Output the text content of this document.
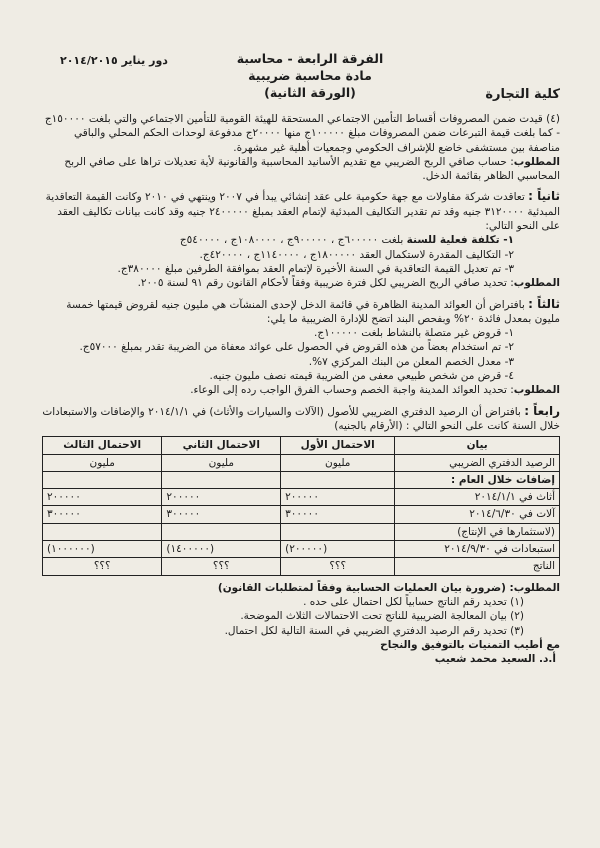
الفرقة الرابعة - محاسبة
مادة محاسبة ضريبية
(الورقة الثانية)	كلية التجارة
دور يناير ٢٠١٤/٢٠١٥

(٤) قيدت ضمن المصروفات أقساط التأمين الاجتماعي المستحقة للهيئة القومية للتأمين الاجتماعي والتي بلغت ١٥٠٠٠٠ج - كما بلغت قيمة التبرعات ضمن المصروفات مبلغ ١٠٠٠٠٠ج منها ٢٠٠٠٠ج مدفوعة لوحدات الحكم المحلي والباقي مناصفة بين مستشفى خاضع للإشراف الحكومي وجمعيات أهلية غير مشهرة.

المطلوب: حساب صافي الربح الضريبي مع تقديم الأسانيد المحاسبية والقانونية لأية تعديلات تراها على صافي الربح المحاسبي الظاهر بقائمة الدخل.

ثانياً : تعاقدت شركة مقاولات مع جهة حكومية على عقد إنشائي يبدأ في ٢٠٠٧ وينتهي في ٢٠١٠ وكانت القيمة التعاقدية المبدئية ٣١٢٠٠٠٠ جنيه وقد تم تقدير التكاليف المبدئية لإتمام العقد بمبلغ ٢٤٠٠٠٠٠ جنيه وقد كانت بيانات تكاليف العقد على النحو التالي:

١- تكلفة فعلية للسنة بلغت ٦٠٠٠٠٠ج ، ٩٠٠٠٠٠ج ، ١٠٨٠٠٠٠ج ، ٥٤٠٠٠٠ج

٢- التكاليف المقدرة لاستكمال العقد ١٨٠٠٠٠٠ج ، ١١٤٠٠٠٠ج ، ٤٢٠٠٠٠ج.

٣- تم تعديل القيمة التعاقدية في السنة الأخيرة لإتمام العقد بموافقة الطرفين مبلغ ٣٨٠٠٠٠ج.

المطلوب: تحديد صافي الربح الضريبي لكل فترة ضريبية وفقاً لأحكام القانون رقم ٩١ لسنة ٢٠٠٥.

ثالثاً : بافتراض أن العوائد المدينة الظاهرة في قائمة الدخل لإحدى المنشآت هي مليون جنيه لقروض قيمتها خمسة مليون بمعدل فائدة ٢٠% وبفحص البند اتضح للإدارة الضريبية ما يلي:

١- قروض غير متصلة بالنشاط بلغت ١٠٠٠٠٠ج.

٢- تم استخدام بعضاً من هذه القروض في الحصول على عوائد معفاة من الضريبة تقدر بمبلغ ٥٧٠٠٠ج.

٣- معدل الخصم المعلن من البنك المركزي ٧%.

٤- قرض من شخص طبيعي معفى من الضريبة قيمته نصف مليون جنيه.

المطلوب: تحديد العوائد المدينة واجبة الخصم وحساب الفرق الواجب رده إلى الوعاء.

رابعاً : بافتراض أن الرصيد الدفتري الضريبي للأصول (الآلات والسيارات والأثاث) في ٢٠١٤/١/١ والإضافات والاستبعادات خلال السنة كانت على النحو التالي : (الأرقام بالجنيه)

بيان	الاحتمال الأول	الاحتمال الثاني	الاحتمال الثالث
الرصيد الدفتري الضريبي	مليون	مليون	مليون
إضافات خلال العام :			
أثاث في ٢٠١٤/١/١	٢٠٠٠٠٠	٢٠٠٠٠٠	٢٠٠٠٠٠
آلات في ٢٠١٤/٦/٣٠	٣٠٠٠٠٠	٣٠٠٠٠٠	٣٠٠٠٠٠
(لاستثمارها في الإنتاج)			
استبعادات في ٢٠١٤/٩/٣٠	(٢٠٠٠٠٠)	(١٤٠٠٠٠٠)	(١٠٠٠٠٠٠)
الناتج	؟؟؟	؟؟؟	؟؟؟

المطلوب: (ضرورة بيان العمليات الحسابية وفقاً لمتطلبات القانون)

(١) تحديد رقم الناتج حسابياً لكل احتمال على حده .
(٢) بيان المعالجة الضريبية للناتج تحت الاحتمالات الثلاث الموضحة.
(٣) تحديد رقم الرصيد الدفتري الضريبي في السنة التالية لكل احتمال.

مع أطيب التمنيات بالتوفيق والنجاح

أ.د. السعيد محمد شعيب
